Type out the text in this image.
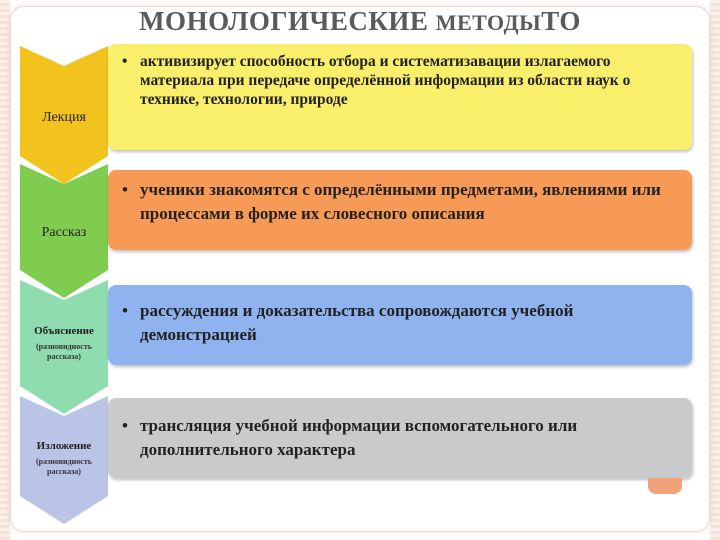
МОНОЛОГИЧЕСКИЕ МЕТОДЫТО
Лекция
• активизирует способность отбора и систематизавации излагаемого материала при передаче определённой информации из области наук о технике, технологии, природе
Рассказ
• ученики знакомятся с определёнными предметами, явлениями или процессами в форме их словесного описания
Объяснение
(разновидность рассказа)
• рассуждения и доказательства сопровождаются учебной демонстрацией
Изложение
(разновидность рассказа)
• трансляция учебной информации вспомогательного или дополнительного характера
